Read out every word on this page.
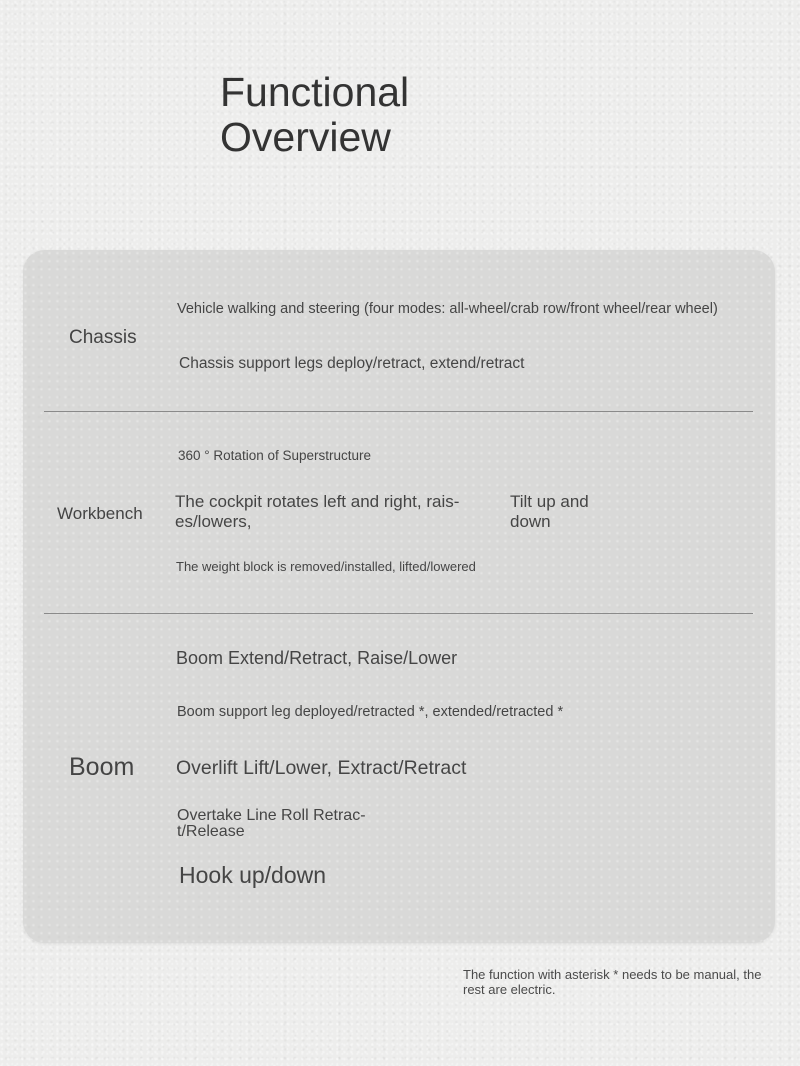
Functional
Overview
Chassis
Vehicle walking and steering (four modes: all-wheel/crab row/front wheel/rear wheel)
Chassis support legs deploy/retract, extend/retract
Workbench
360 ° Rotation of Superstructure
The cockpit rotates left and right, rais-es/lowers,
Tilt up and down
The weight block is removed/installed, lifted/lowered
Boom
Boom Extend/Retract, Raise/Lower
Boom support leg deployed/retracted *, extended/retracted *
Overlift Lift/Lower, Extract/Retract
Overtake Line Roll Retrac-t/Release
Hook up/down
The function with asterisk * needs to be manual, the rest are electric.
